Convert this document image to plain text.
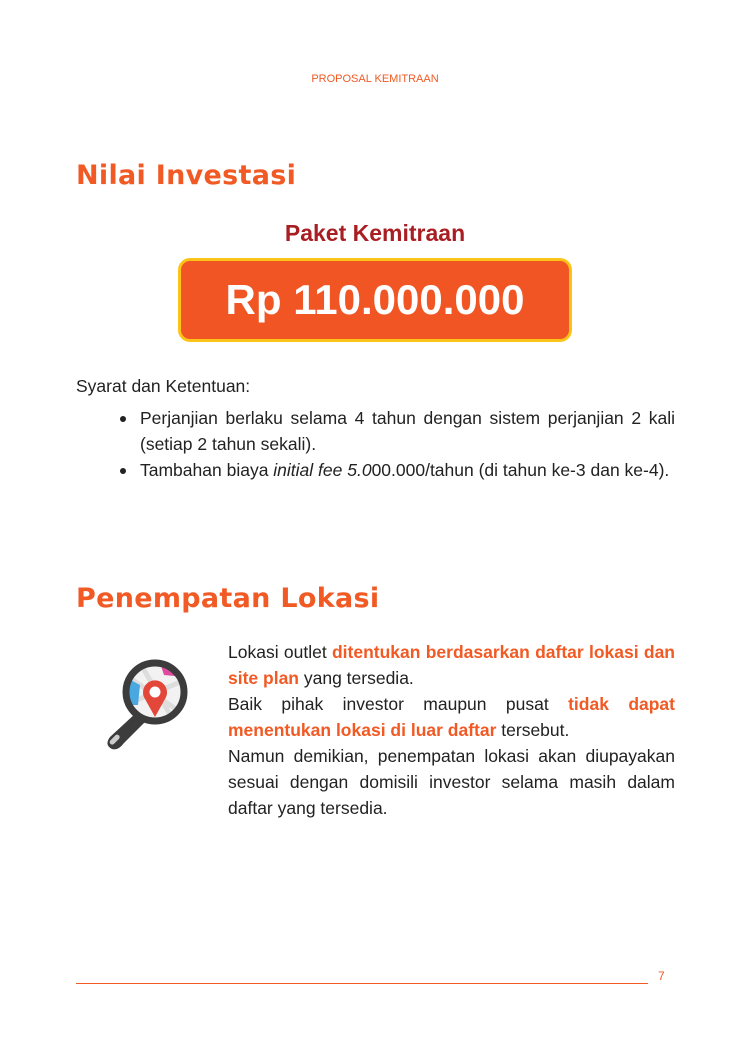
PROPOSAL KEMITRAAN
Nilai Investasi
Paket Kemitraan
Rp 110.000.000
Syarat dan Ketentuan:
Perjanjian berlaku selama 4 tahun dengan sistem perjanjian 2 kali (setiap 2 tahun sekali).
Tambahan biaya initial fee 5.000.000/tahun (di tahun ke-3 dan ke-4).
Penempatan Lokasi

Lokasi outlet ditentukan berdasarkan daftar lokasi dan site plan yang tersedia.

Baik pihak investor maupun pusat tidak dapat menentukan lokasi di luar daftar tersebut.

Namun demikian, penempatan lokasi akan diupayakan sesuai dengan domisili investor selama masih dalam daftar yang tersedia.

7
